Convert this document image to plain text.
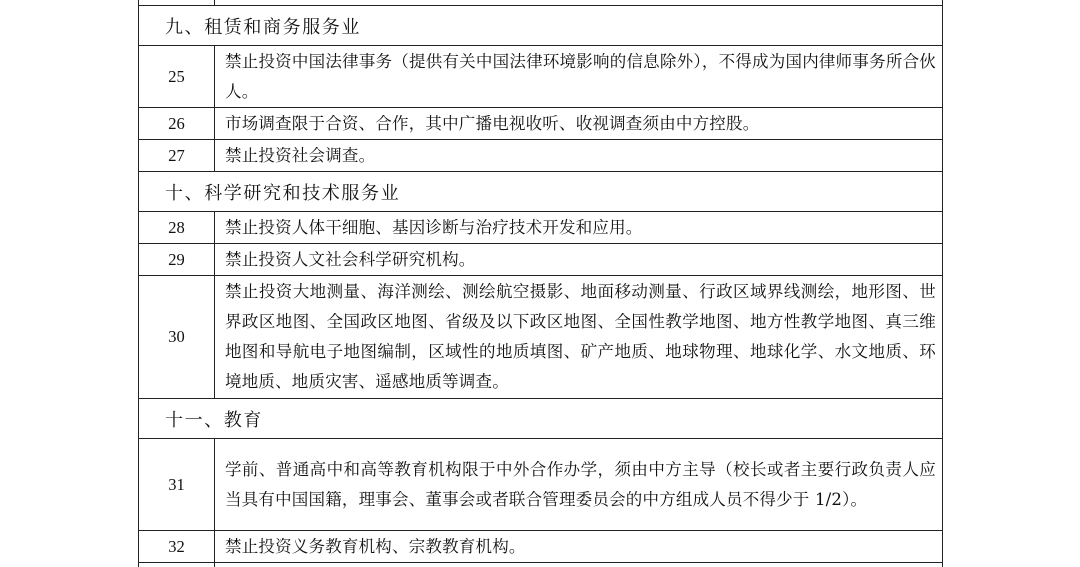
九、租赁和商务服务业	
25	禁止投资中国法律事务（提供有关中国法律环境影响的信息除外），不得成为国内律师事务所合伙人。
26	市场调查限于合资、合作，其中广播电视收听、收视调查须由中方控股。
27	禁止投资社会调查。
十、科学研究和技术服务业	
28	禁止投资人体干细胞、基因诊断与治疗技术开发和应用。
29	禁止投资人文社会科学研究机构。
30	禁止投资大地测量、海洋测绘、测绘航空摄影、地面移动测量、行政区域界线测绘，地形图、世界政区地图、全国政区地图、省级及以下政区地图、全国性教学地图、地方性教学地图、真三维地图和导航电子地图编制，区域性的地质填图、矿产地质、地球物理、地球化学、水文地质、环境地质、地质灾害、遥感地质等调查。
十一、教育	
31	学前、普通高中和高等教育机构限于中外合作办学，须由中方主导（校长或者主要行政负责人应当具有中国国籍，理事会、董事会或者联合管理委员会的中方组成人员不得少于 1/2）。
32	禁止投资义务教育机构、宗教教育机构。
